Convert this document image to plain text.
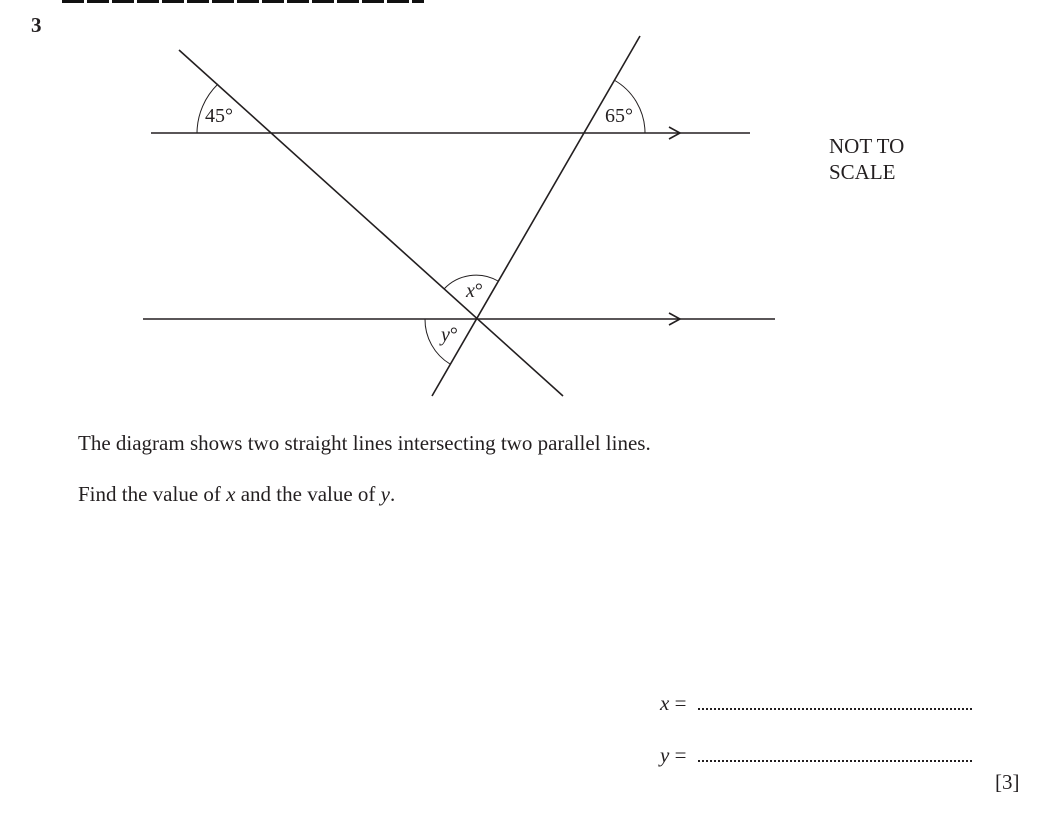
3
45°	65°
x°
y°
NOT TO
SCALE

The diagram shows two straight lines intersecting two parallel lines.

Find the value of x and the value of y.

x =
y =
[3]
